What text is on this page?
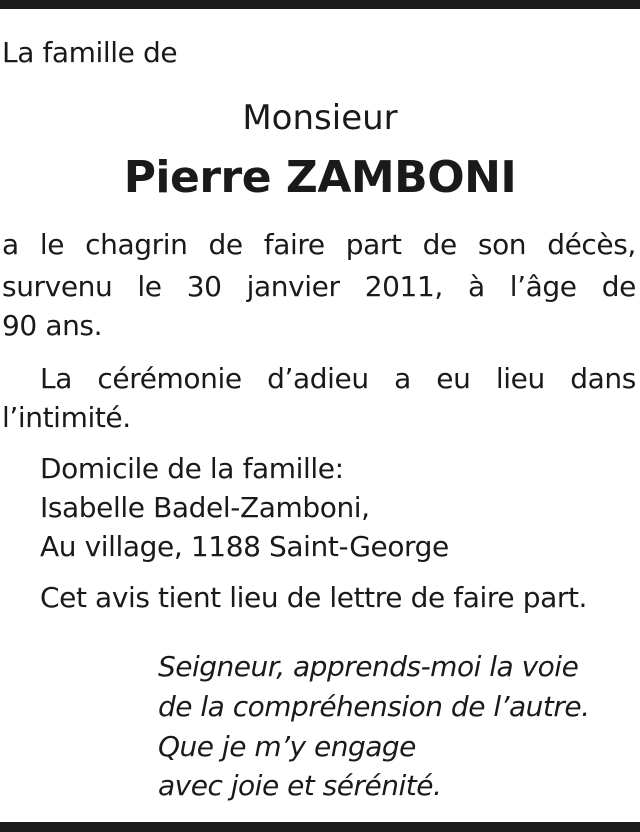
La famille de
Monsieur
Pierre ZAMBONI
a le chagrin de faire part de son décès,
survenu le 30 janvier 2011, à l’âge de
90 ans.
La cérémonie d’adieu a eu lieu dans
l’intimité.
Domicile de la famille:
Isabelle Badel-Zamboni,
Au village, 1188 Saint-George
Cet avis tient lieu de lettre de faire part.
Seigneur, apprends-moi la voie
de la compréhension de l’autre.
Que je m’y engage
avec joie et sérénité.
